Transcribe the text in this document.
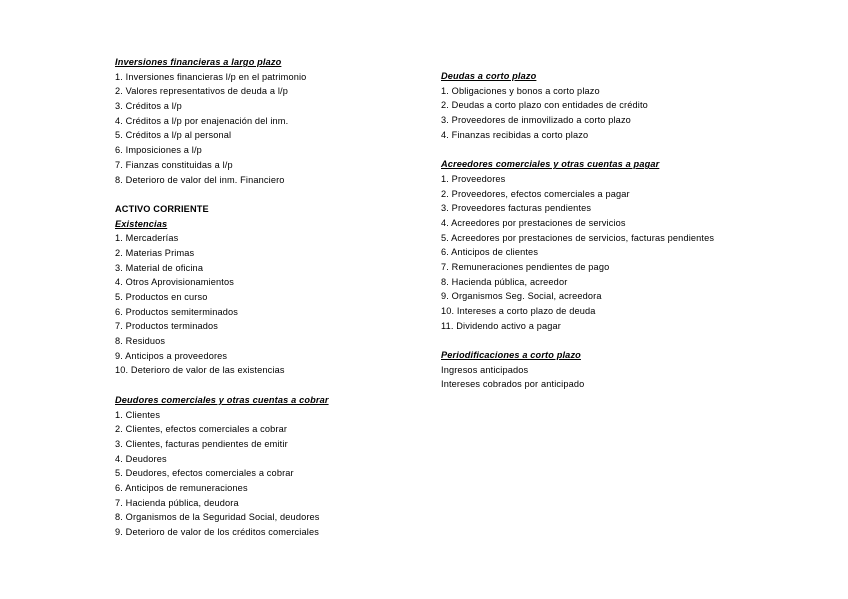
Inversiones financieras a largo plazo
1. Inversiones financieras l/p en el patrimonio
2. Valores representativos de deuda a l/p
3. Créditos a l/p
4. Créditos a l/p por enajenación del inm.
5. Créditos a l/p al personal
6. Imposiciones a l/p
7. Fianzas constituidas a l/p
8. Deterioro de valor del inm. Financiero
ACTIVO CORRIENTE
Existencias
1. Mercaderías
2. Materias Primas
3. Material de oficina
4. Otros Aprovisionamientos
5. Productos en curso
6. Productos semiterminados
7. Productos terminados
8. Residuos
9. Anticipos a proveedores
10. Deterioro de valor de las existencias
Deudores comerciales y otras cuentas a cobrar
1. Clientes
2. Clientes, efectos comerciales a cobrar
3. Clientes, facturas pendientes de emitir
4. Deudores
5. Deudores, efectos comerciales a cobrar
6. Anticipos de remuneraciones
7. Hacienda pública, deudora
8. Organismos de la Seguridad Social, deudores
9. Deterioro de valor de los créditos comerciales
Deudas a corto plazo
1. Obligaciones y bonos a corto plazo
2. Deudas a corto plazo con entidades de crédito
3. Proveedores de inmovilizado a corto plazo
4. Finanzas recibidas a corto plazo
Acreedores comerciales y otras cuentas a pagar
1. Proveedores
2. Proveedores, efectos comerciales a pagar
3. Proveedores facturas pendientes
4. Acreedores por prestaciones de servicios
5. Acreedores por prestaciones de servicios, facturas pendientes
6. Anticipos de clientes
7. Remuneraciones pendientes de pago
8. Hacienda pública, acreedor
9. Organismos Seg. Social, acreedora
10. Intereses a corto plazo de deuda
11. Dividendo activo a pagar
Periodificaciones a corto plazo
Ingresos anticipados
Intereses cobrados por anticipado
